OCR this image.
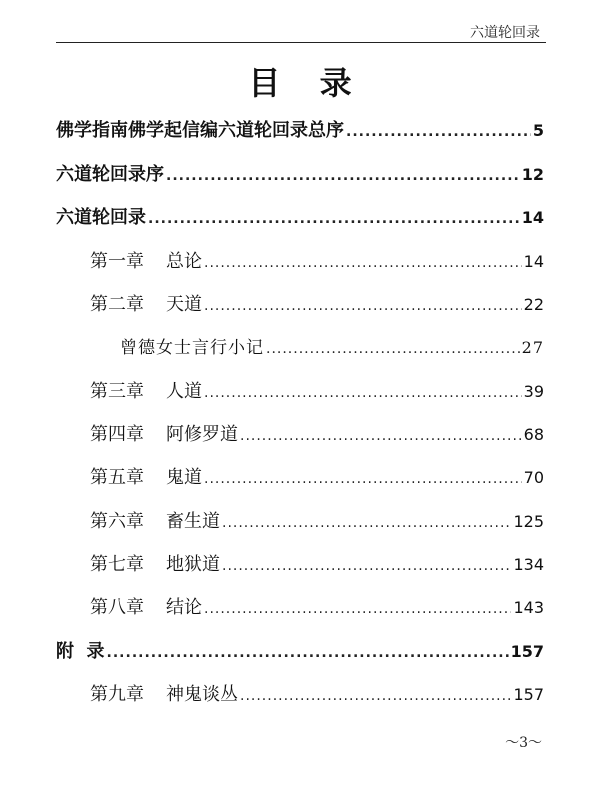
六道轮回录
目 录
佛学指南佛学起信编六道轮回录总序 .....	5
六道轮回录序 .....	12
六道轮回录 .....	14
第一章 总论 .....	14
第二章 天道 .....	22
曾德女士言行小记 .....	27
第三章 人道 .....	39
第四章 阿修罗道 .....	68
第五章 鬼道 .....	70
第六章 畜生道 .....	125
第七章 地狱道 .....	134
第八章 结论 .....	143
附  录 .....	157
第九章 神鬼谈丛 .....	157
～3～
